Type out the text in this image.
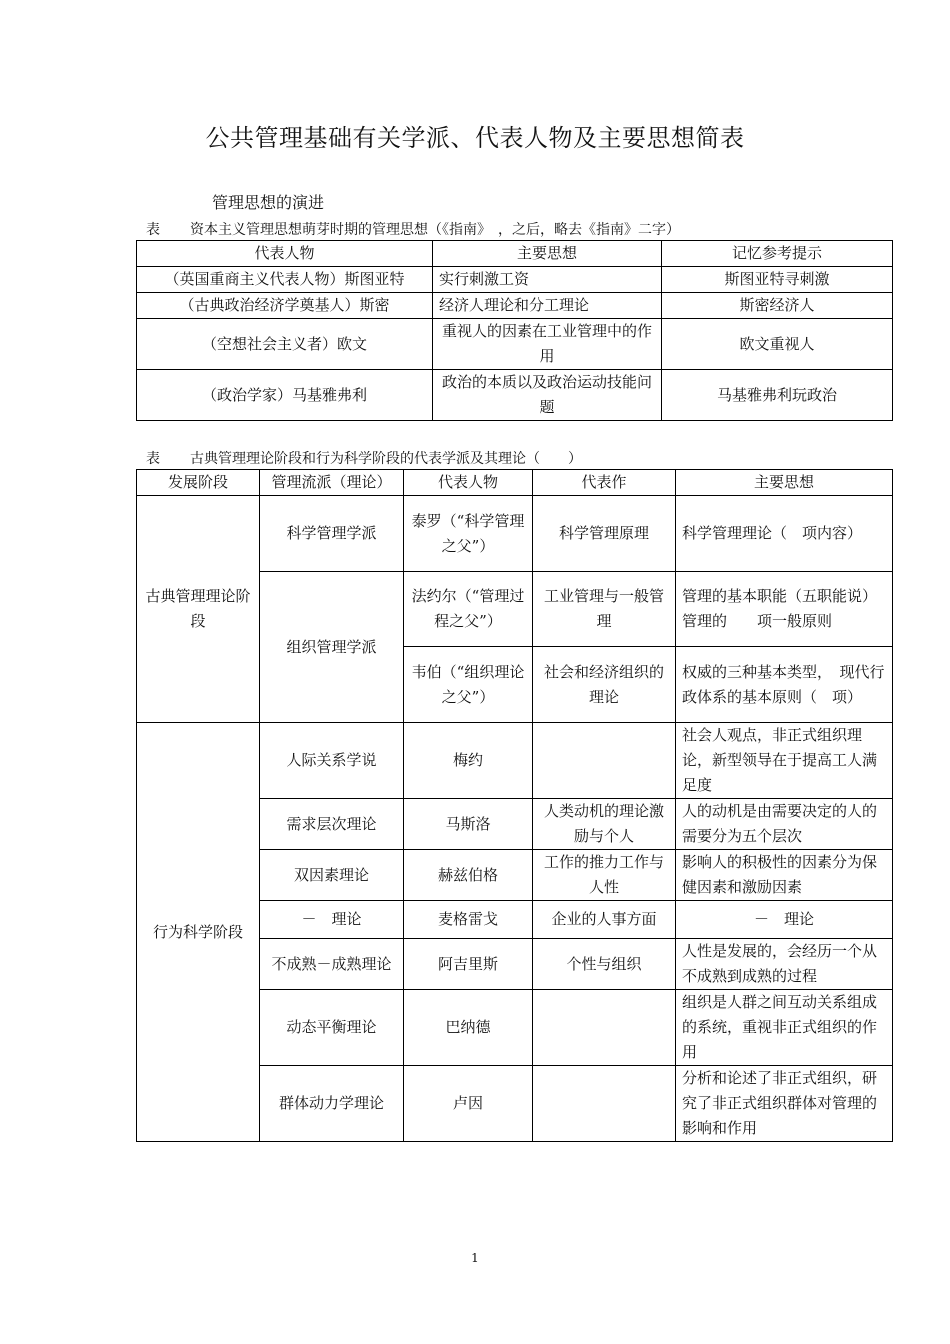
公共管理基础有关学派、代表人物及主要思想简表
管理思想的演进
表 资本主义管理思想萌芽时期的管理思想（《指南》　，之后，略去《指南》二字）
代表人物	主要思想	记忆参考提示
（英国重商主义代表人物）斯图亚特	实行刺激工资	斯图亚特寻刺激
（古典政治经济学奠基人）斯密	经济人理论和分工理论	斯密经济人
（空想社会主义者）欧文	重视人的因素在工业管理中的作用	欧文重视人
（政治学家）马基雅弗利	政治的本质以及政治运动技能问题	马基雅弗利玩政治
表 古典管理理论阶段和行为科学阶段的代表学派及其理论（　　）
发展阶段	管理流派（理论）	代表人物	代表作	主要思想
古典管理理论阶段	科学管理学派	泰罗（“科学管理之父”）	科学管理原理	科学管理理论（　项内容）
	组织管理学派	法约尔（“管理过程之父”）	工业管理与一般管理	管理的基本职能（五职能说）
管理的　　项一般原则

		韦伯（“组织理论之父”）	社会和经济组织的理论	权威的三种基本类型，　现代行政体系的基本原则（　项）
行为科学阶段	人际关系学说	梅约		社会人观点，非正式组织理论，新型领导在于提高工人满足度
	需求层次理论	马斯洛	人类动机的理论激励与个人	人的动机是由需要决定的人的需要分为五个层次
	双因素理论	赫兹伯格	工作的推力工作与人性	影响人的积极性的因素分为保健因素和激励因素
	－　理论	麦格雷戈	企业的人事方面	－　理论
	不成熟－成熟理论	阿吉里斯	个性与组织	人性是发展的，会经历一个从不成熟到成熟的过程
	动态平衡理论	巴纳德		组织是人群之间互动关系组成的系统，重视非正式组织的作用
	群体动力学理论	卢因		分析和论述了非正式组织，研究了非正式组织群体对管理的影响和作用
1
